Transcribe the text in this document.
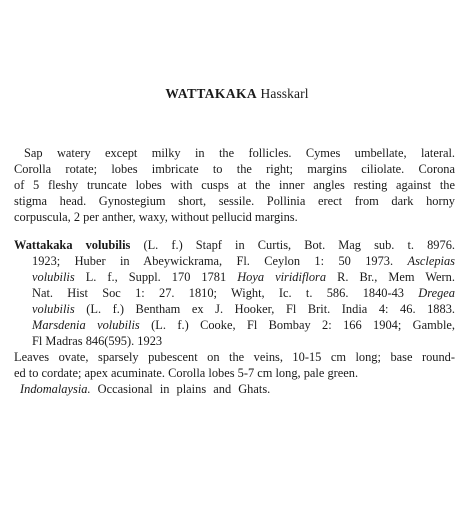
WATTAKAKA Hasskarl
Sap watery except milky in the follicles. Cymes umbellate, lateral.
Corolla rotate; lobes imbricate to the right; margins ciliolate. Corona
of 5 fleshy truncate lobes with cusps at the inner angles resting against the
stigma head. Gynostegium short, sessile. Pollinia erect from dark horny
corpuscula, 2 per anther, waxy, without pellucid margins.
Wattakaka volubilis (L. f.) Stapf in Curtis, Bot. Mag sub. t. 8976.
1923; Huber in Abeywickrama, Fl. Ceylon 1: 50 1973. Asclepias
volubilis L. f., Suppl. 170 1781 Hoya viridiflora R. Br., Mem Wern.
Nat. Hist Soc 1: 27. 1810; Wight, Ic. t. 586. 1840-43 Dregea
volubilis (L. f.) Bentham ex J. Hooker, Fl Brit. India 4: 46. 1883.
Marsdenia volubilis (L. f.) Cooke, Fl Bombay 2: 166 1904; Gamble,
Fl Madras 846(595). 1923
Leaves ovate, sparsely pubescent on the veins, 10-15 cm long; base round-
ed to cordate; apex acuminate. Corolla lobes 5-7 cm long, pale green.
Indomalaysia. Occasional in plains and Ghats.
